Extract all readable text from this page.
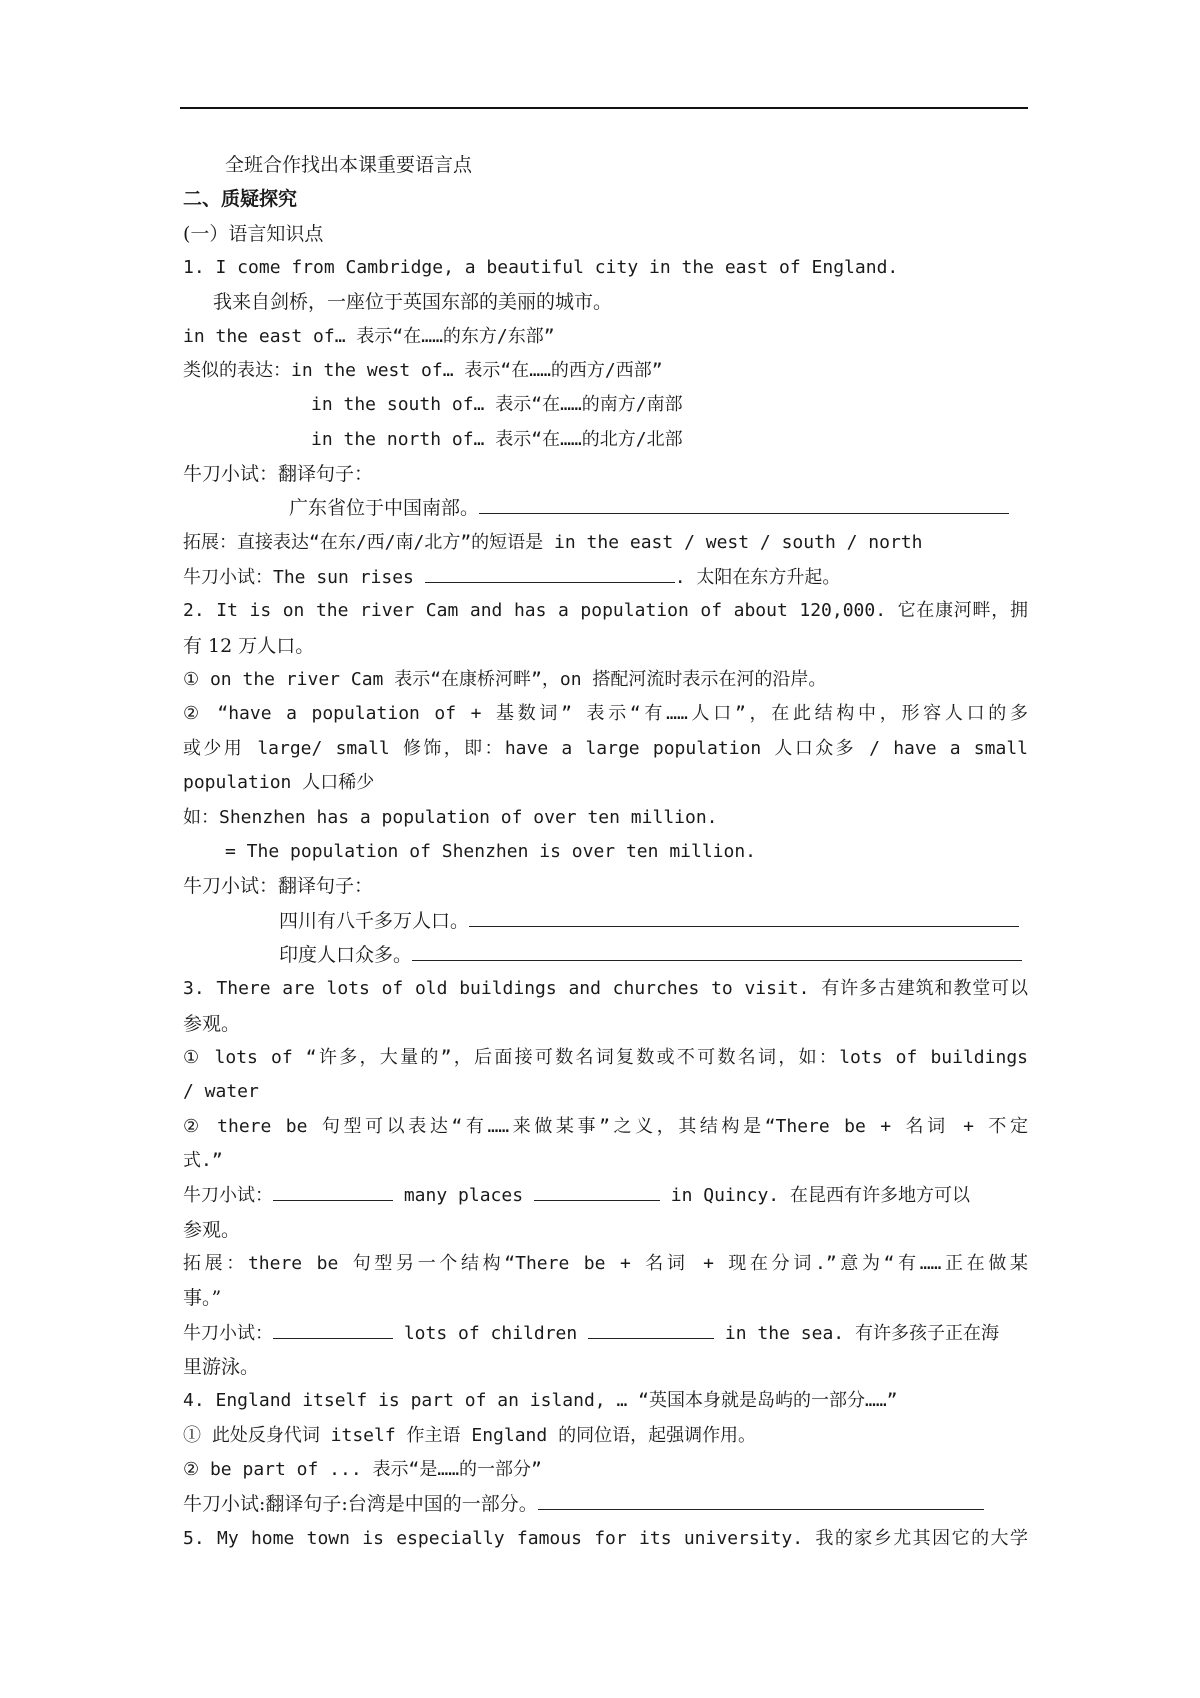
全班合作找出本课重要语言点
二、质疑探究
(一）语言知识点
1. I come from Cambridge, a beautiful city in the east of England.
我来自剑桥，一座位于英国东部的美丽的城市。
in the east of… 表示“在……的东方/东部”
类似的表达：in the west of… 表示“在……的西方/西部”
in the south of… 表示“在……的南方/南部
in the north of… 表示“在……的北方/北部
牛刀小试：翻译句子：
广东省位于中国南部。
拓展：直接表达“在东/西/南/北方”的短语是 in the east / west / south / north
牛刀小试：The sun rises	. 太阳在东方升起。
2. It is on the river Cam and has a population of about 120,000. 它在康河畔，拥
有 12 万人口。
① on the river Cam 表示“在康桥河畔”，on 搭配河流时表示在河的沿岸。
② “have a population of + 基数词” 表示“有……人口”，在此结构中，形容人口的多
或少用 large/ small 修饰，即：have a large population 人口众多 / have a small
population 人口稀少
如：Shenzhen has a population of over ten million.
= The population of Shenzhen is over ten million.
牛刀小试：翻译句子：
四川有八千多万人口。
印度人口众多。
3. There are lots of old buildings and churches to visit. 有许多古建筑和教堂可以
参观。
① lots of “许多，大量的”，后面接可数名词复数或不可数名词，如：lots of buildings
/ water
② there be 句型可以表达“有……来做某事”之义，其结构是“There be + 名词 + 不定
式.”
牛刀小试：	many places	in Quincy. 在昆西有许多地方可以
参观。
拓展：there be 句型另一个结构“There be + 名词 + 现在分词.”意为“有……正在做某
事。”
牛刀小试：	lots of children	in the sea. 有许多孩子正在海
里游泳。
4. England itself is part of an island, … “英国本身就是岛屿的一部分……”
① 此处反身代词 itself 作主语 England 的同位语，起强调作用。
② be part of ... 表示“是……的一部分”
牛刀小试:翻译句子:台湾是中国的一部分。
5. My home town is especially famous for its university. 我的家乡尤其因它的大学
